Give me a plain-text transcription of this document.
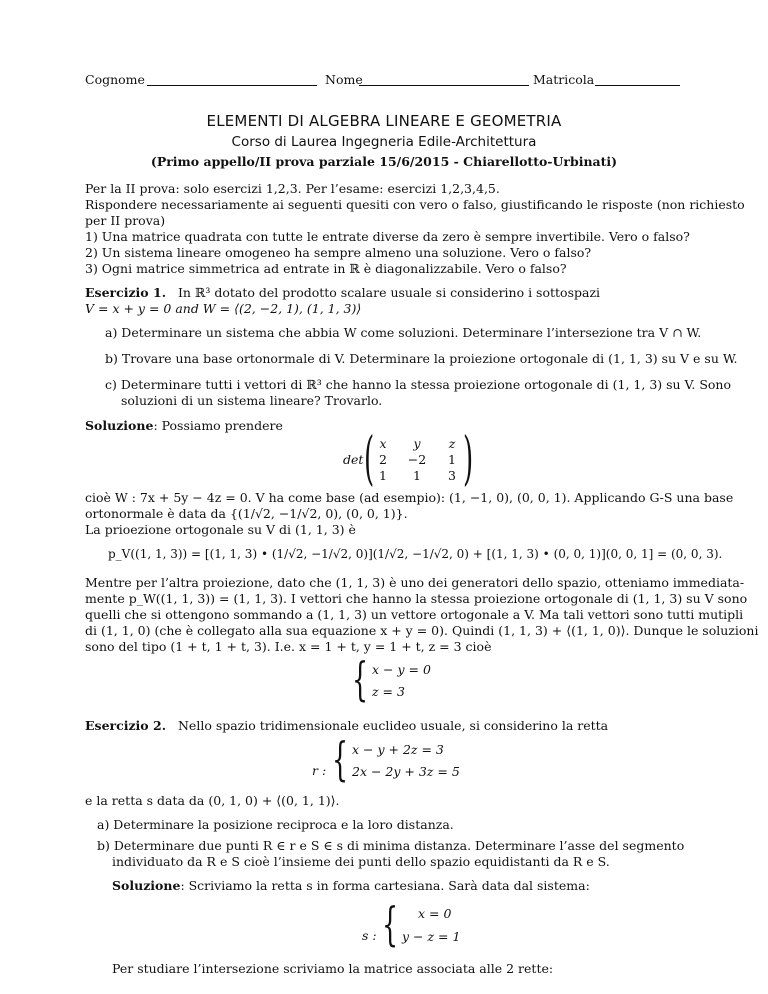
Cognome	Nome	Matricola
ELEMENTI DI ALGEBRA LINEARE E GEOMETRIA
Corso di Laurea Ingegneria Edile-Architettura
(Primo appello/II prova parziale 15/6/2015 - Chiarellotto-Urbinati)
Per la II prova: solo esercizi 1,2,3. Per l’esame: esercizi 1,2,3,4,5.
Rispondere necessariamente ai seguenti quesiti con vero o falso, giustificando le risposte (non richiesto
per II prova)
1) Una matrice quadrata con tutte le entrate diverse da zero è sempre invertibile. Vero o falso?
2) Un sistema lineare omogeneo ha sempre almeno una soluzione. Vero o falso?
3) Ogni matrice simmetrica ad entrate in ℝ è diagonalizzabile. Vero o falso?
Esercizio 1. In ℝ³ dotato del prodotto scalare usuale si considerino i sottospazi
V = x + y = 0 and W = ⟨(2, −2, 1), (1, 1, 3)⟩
a) Determinare un sistema che abbia W come soluzioni. Determinare l’intersezione tra V ∩ W.
b) Trovare una base ortonormale di V. Determinare la proiezione ortogonale di (1, 1, 3) su V e su W.
c) Determinare tutti i vettori di ℝ³ che hanno la stessa proiezione ortogonale di (1, 1, 3) su V. Sono
soluzioni di un sistema lineare? Trovarlo.
Soluzione: Possiamo prendere
det ( )
x	y	z
2	−2	1
1	1	3
cioè W : 7x + 5y − 4z = 0. V ha come base (ad esempio): (1, −1, 0), (0, 0, 1). Applicando G-S una base
ortonormale è data da {(1/√2, −1/√2, 0), (0, 0, 1)}.
La prioezione ortogonale su V di (1, 1, 3) è
p_V((1, 1, 3)) = [(1, 1, 3) • (1/√2, −1/√2, 0)](1/√2, −1/√2, 0) + [(1, 1, 3) • (0, 0, 1)](0, 0, 1] = (0, 0, 3).
Mentre per l’altra proiezione, dato che (1, 1, 3) è uno dei generatori dello spazio, otteniamo immediata-
mente p_W((1, 1, 3)) = (1, 1, 3). I vettori che hanno la stessa proiezione ortogonale di (1, 1, 3) su V sono
quelli che si ottengono sommando a (1, 1, 3) un vettore ortogonale a V. Ma tali vettori sono tutti mutipli
di (1, 1, 0) (che è collegato alla sua equazione x + y = 0). Quindi (1, 1, 3) + ⟨(1, 1, 0)⟩. Dunque le soluzioni
sono del tipo (1 + t, 1 + t, 3). I.e. x = 1 + t, y = 1 + t, z = 3 cioè
{ x − y = 0
z = 3
Esercizio 2. Nello spazio tridimensionale euclideo usuale, si considerino la retta
r : { x − y + 2z = 3
2x − 2y + 3z = 5
e la retta s data da (0, 1, 0) + ⟨(0, 1, 1)⟩.
a) Determinare la posizione reciproca e la loro distanza.
b) Determinare due punti R ∈ r e S ∈ s di minima distanza. Determinare l’asse del segmento
individuato da R e S cioè l’insieme dei punti dello spazio equidistanti da R e S.
Soluzione: Scriviamo la retta s in forma cartesiana. Sarà data dal sistema:
s : { x = 0
y − z = 1
Per studiare l’intersezione scriviamo la matrice associata alle 2 rette:
